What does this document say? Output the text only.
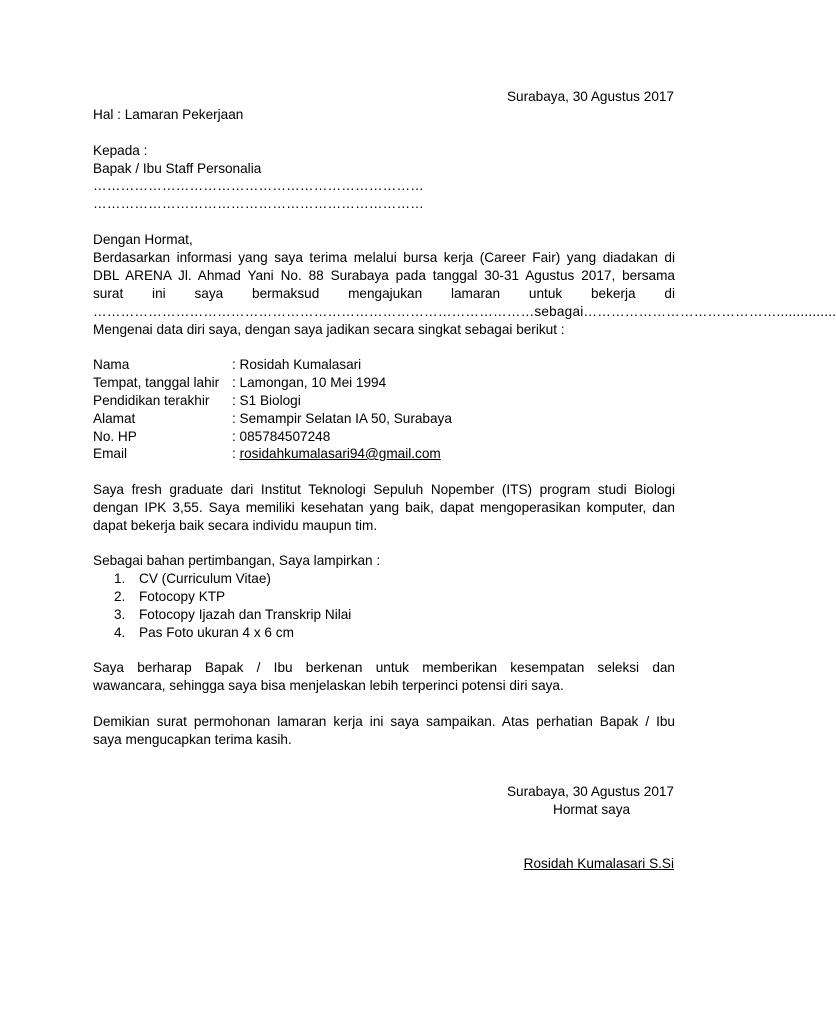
Surabaya, 30 Agustus 2017
Hal : Lamaran Pekerjaan
Kepada :
Bapak / Ibu Staff Personalia
………………………………………………………………
………………………………………………………………
Dengan Hormat,
Berdasarkan informasi yang saya terima melalui bursa kerja (Career Fair) yang diadakan di
DBL ARENA Jl. Ahmad Yani No. 88 Surabaya pada tanggal 30-31 Agustus 2017, bersama
surat ini saya bermaksud mengajukan lamaran untuk bekerja di
……………………………………………………………………………………sebagai……………………………………...............
Mengenai data diri saya, dengan saya jadikan secara singkat sebagai berikut :
Nama	: Rosidah Kumalasari
Tempat, tanggal lahir : Lamongan, 10 Mei 1994
Pendidikan terakhir : S1 Biologi
Alamat	: Semampir Selatan IA 50, Surabaya
No. HP	: 085784507248
Email	: rosidahkumalasari94@gmail.com
Saya fresh graduate dari Institut Teknologi Sepuluh Nopember (ITS) program studi Biologi
dengan IPK 3,55. Saya memiliki kesehatan yang baik, dapat mengoperasikan komputer, dan
dapat bekerja baik secara individu maupun tim.
Sebagai bahan pertimbangan, Saya lampirkan :
1. CV (Curriculum Vitae)
2. Fotocopy KTP
3. Fotocopy Ijazah dan Transkrip Nilai
4. Pas Foto ukuran 4 x 6 cm
Saya berharap Bapak / Ibu berkenan untuk memberikan kesempatan seleksi dan
wawancara, sehingga saya bisa menjelaskan lebih terperinci potensi diri saya.
Demikian surat permohonan lamaran kerja ini saya sampaikan. Atas perhatian Bapak / Ibu
saya mengucapkan terima kasih.
Surabaya, 30 Agustus 2017
Hormat saya
Rosidah Kumalasari S.Si
